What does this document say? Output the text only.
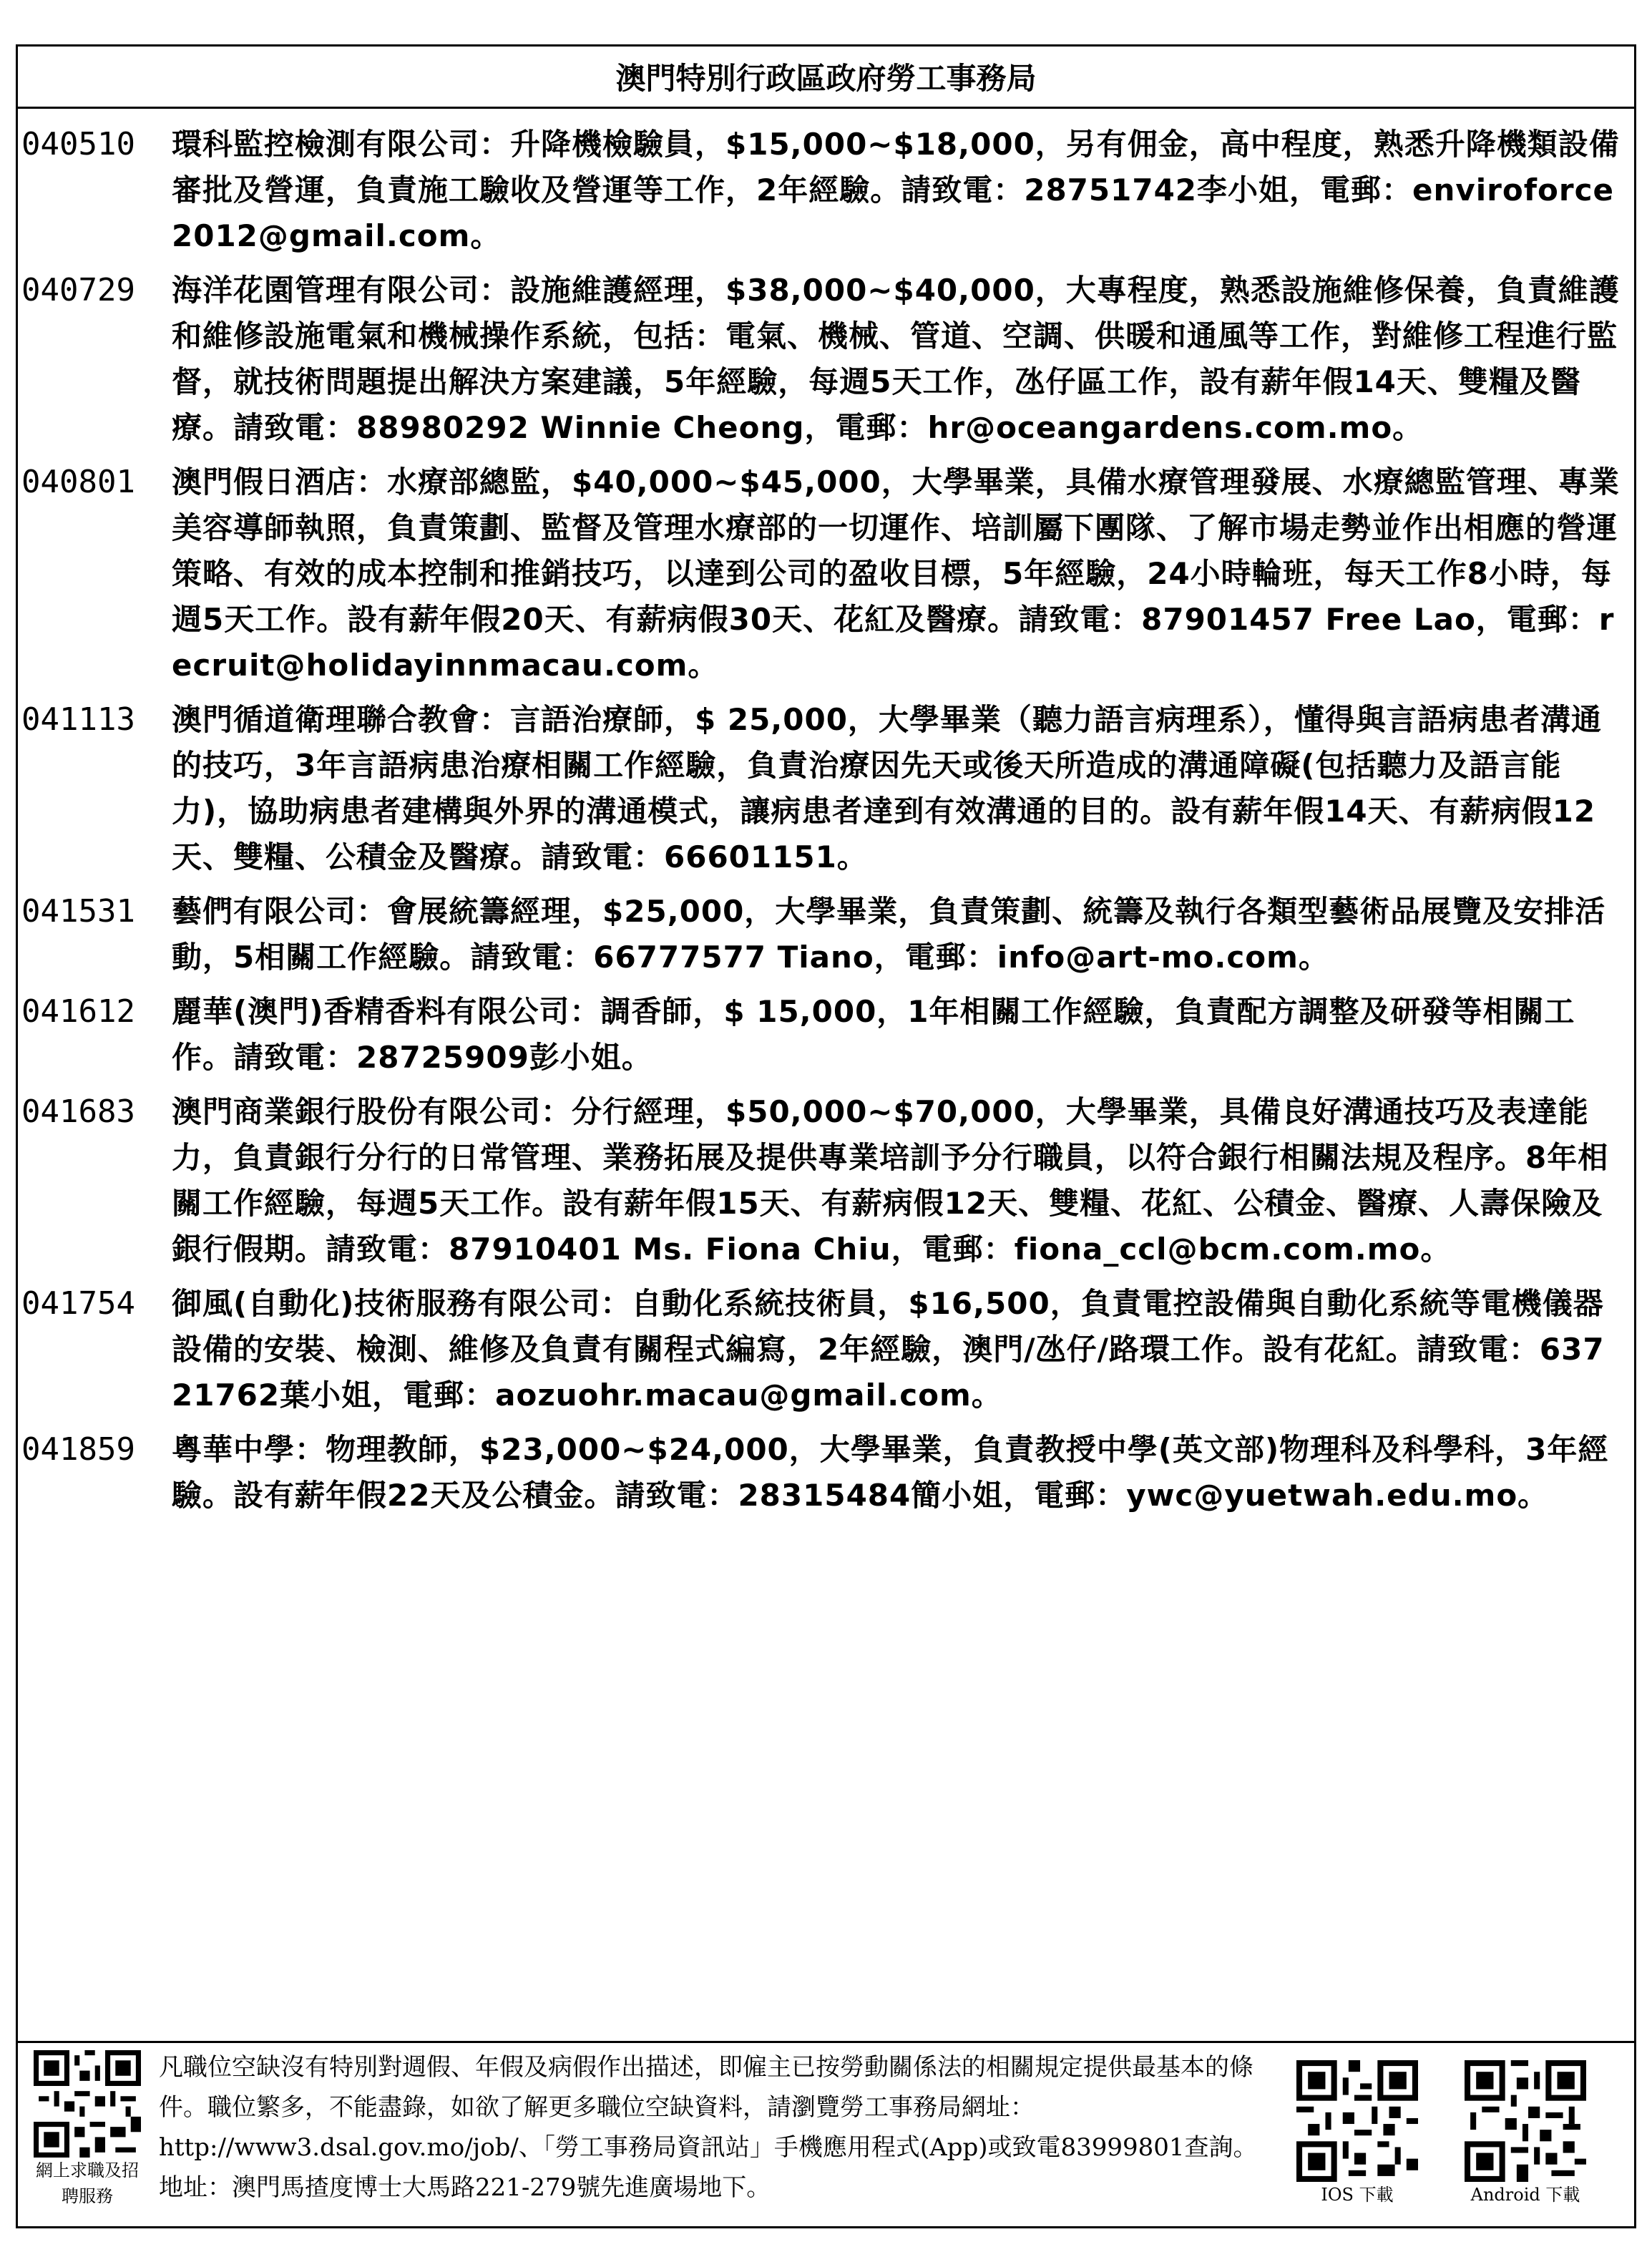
澳門特別行政區政府勞工事務局
040510	環科監控檢測有限公司：升降機檢驗員，$15,000~$18,000，另有佣金，高中程度，熟悉升降機類設備審批及營運，負責施工驗收及營運等工作，2年經驗。請致電：28751742李小姐，電郵：enviroforce2012@gmail.com。
040729	海洋花園管理有限公司：設施維護經理，$38,000~$40,000，大專程度，熟悉設施維修保養，負責維護和維修設施電氣和機械操作系統，包括：電氣、機械、管道、空調、供暖和通風等工作，對維修工程進行監督，就技術問題提出解決方案建議，5年經驗，每週5天工作，氹仔區工作，設有薪年假14天、雙糧及醫療。請致電：88980292 Winnie Cheong，電郵：hr@oceangardens.com.mo。
040801	澳門假日酒店：水療部總監，$40,000~$45,000，大學畢業，具備水療管理發展、水療總監管理、專業美容導師執照，負責策劃、監督及管理水療部的一切運作、培訓屬下團隊、了解市場走勢並作出相應的營運策略、有效的成本控制和推銷技巧，以達到公司的盈收目標，5年經驗，24小時輪班，每天工作8小時，每週5天工作。設有薪年假20天、有薪病假30天、花紅及醫療。請致電：87901457 Free Lao，電郵：recruit@holidayinnmacau.com。
041113	澳門循道衛理聯合教會：言語治療師，$ 25,000，大學畢業（聽力語言病理系），懂得與言語病患者溝通的技巧，3年言語病患治療相關工作經驗，負責治療因先天或後天所造成的溝通障礙(包括聽力及語言能力)，協助病患者建構與外界的溝通模式，讓病患者達到有效溝通的目的。設有薪年假14天、有薪病假12天、雙糧、公積金及醫療。請致電：66601151。
041531	藝們有限公司：會展統籌經理，$25,000，大學畢業，負責策劃、統籌及執行各類型藝術品展覽及安排活動，5相關工作經驗。請致電：66777577 Tiano，電郵：info@art-mo.com。
041612	麗華(澳門)香精香料有限公司：調香師，$ 15,000，1年相關工作經驗，負責配方調整及研發等相關工作。請致電：28725909彭小姐。
041683	澳門商業銀行股份有限公司：分行經理，$50,000~$70,000，大學畢業，具備良好溝通技巧及表達能力，負責銀行分行的日常管理、業務拓展及提供專業培訓予分行職員，以符合銀行相關法規及程序。8年相關工作經驗，每週5天工作。設有薪年假15天、有薪病假12天、雙糧、花紅、公積金、醫療、人壽保險及銀行假期。請致電：87910401 Ms. Fiona Chiu，電郵：fiona_ccl@bcm.com.mo。
041754	御風(自動化)技術服務有限公司：自動化系統技術員，$16,500，負責電控設備與自動化系統等電機儀器設備的安裝、檢測、維修及負責有關程式編寫，2年經驗，澳門/氹仔/路環工作。設有花紅。請致電：63721762葉小姐，電郵：aozuohr.macau@gmail.com。
041859	粵華中學：物理教師，$23,000~$24,000，大學畢業，負責教授中學(英文部)物理科及科學科，3年經驗。設有薪年假22天及公積金。請致電：28315484簡小姐，電郵：ywc@yuetwah.edu.mo。
網上求職及招聘服務
凡職位空缺沒有特別對週假、年假及病假作出描述，即僱主已按勞動關係法的相關規定提供最基本的條件。職位繁多，不能盡錄，如欲了解更多職位空缺資料，請瀏覽勞工事務局網址：http://www3.dsal.gov.mo/job/、「勞工事務局資訊站」手機應用程式(App)或致電83999801查詢。地址：澳門馬揸度博士大馬路221-279號先進廣場地下。	IOS 下載	Android 下載
